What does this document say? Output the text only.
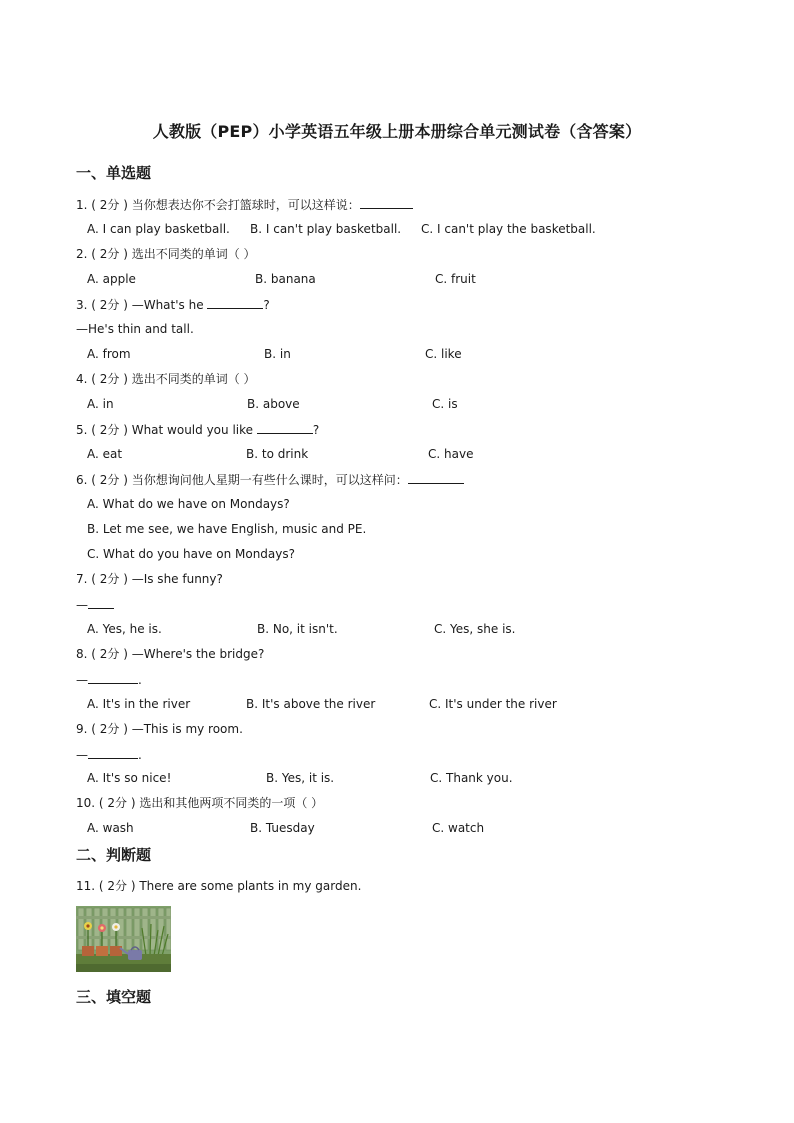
人教版（PEP）小学英语五年级上册本册综合单元测试卷（含答案）
一、单选题
1. ( 2分 ) 当你想表达你不会打篮球时，可以这样说：
A. I can play basketball. B. I can't play basketball. C. I can't play the basketball.
2. ( 2分 ) 选出不同类的单词（ ）
A. apple	B. banana	C. fruit
3. ( 2分 ) —What's he	?
—He's thin and tall.
A. from	B. in	C. like
4. ( 2分 ) 选出不同类的单词（ ）
A. in	B. above	C. is
5. ( 2分 ) What would you like	?
A. eat	B. to drink	C. have
6. ( 2分 ) 当你想询问他人星期一有些什么课时，可以这样问：
A. What do we have on Mondays?
B. Let me see, we have English, music and PE.
C. What do you have on Mondays?
7. ( 2分 ) —Is she funny?
—
A. Yes, he is.	B. No, it isn't.	C. Yes, she is.
8. ( 2分 ) —Where's the bridge?
—	.
A. It's in the river	B. It's above the river	C. It's under the river
9. ( 2分 ) —This is my room.
—	.
A. It's so nice!	B. Yes, it is.	C. Thank you.
10. ( 2分 ) 选出和其他两项不同类的一项（ ）
A. wash	B. Tuesday	C. watch
二、判断题
11. ( 2分 ) There are some plants in my garden.
三、填空题
